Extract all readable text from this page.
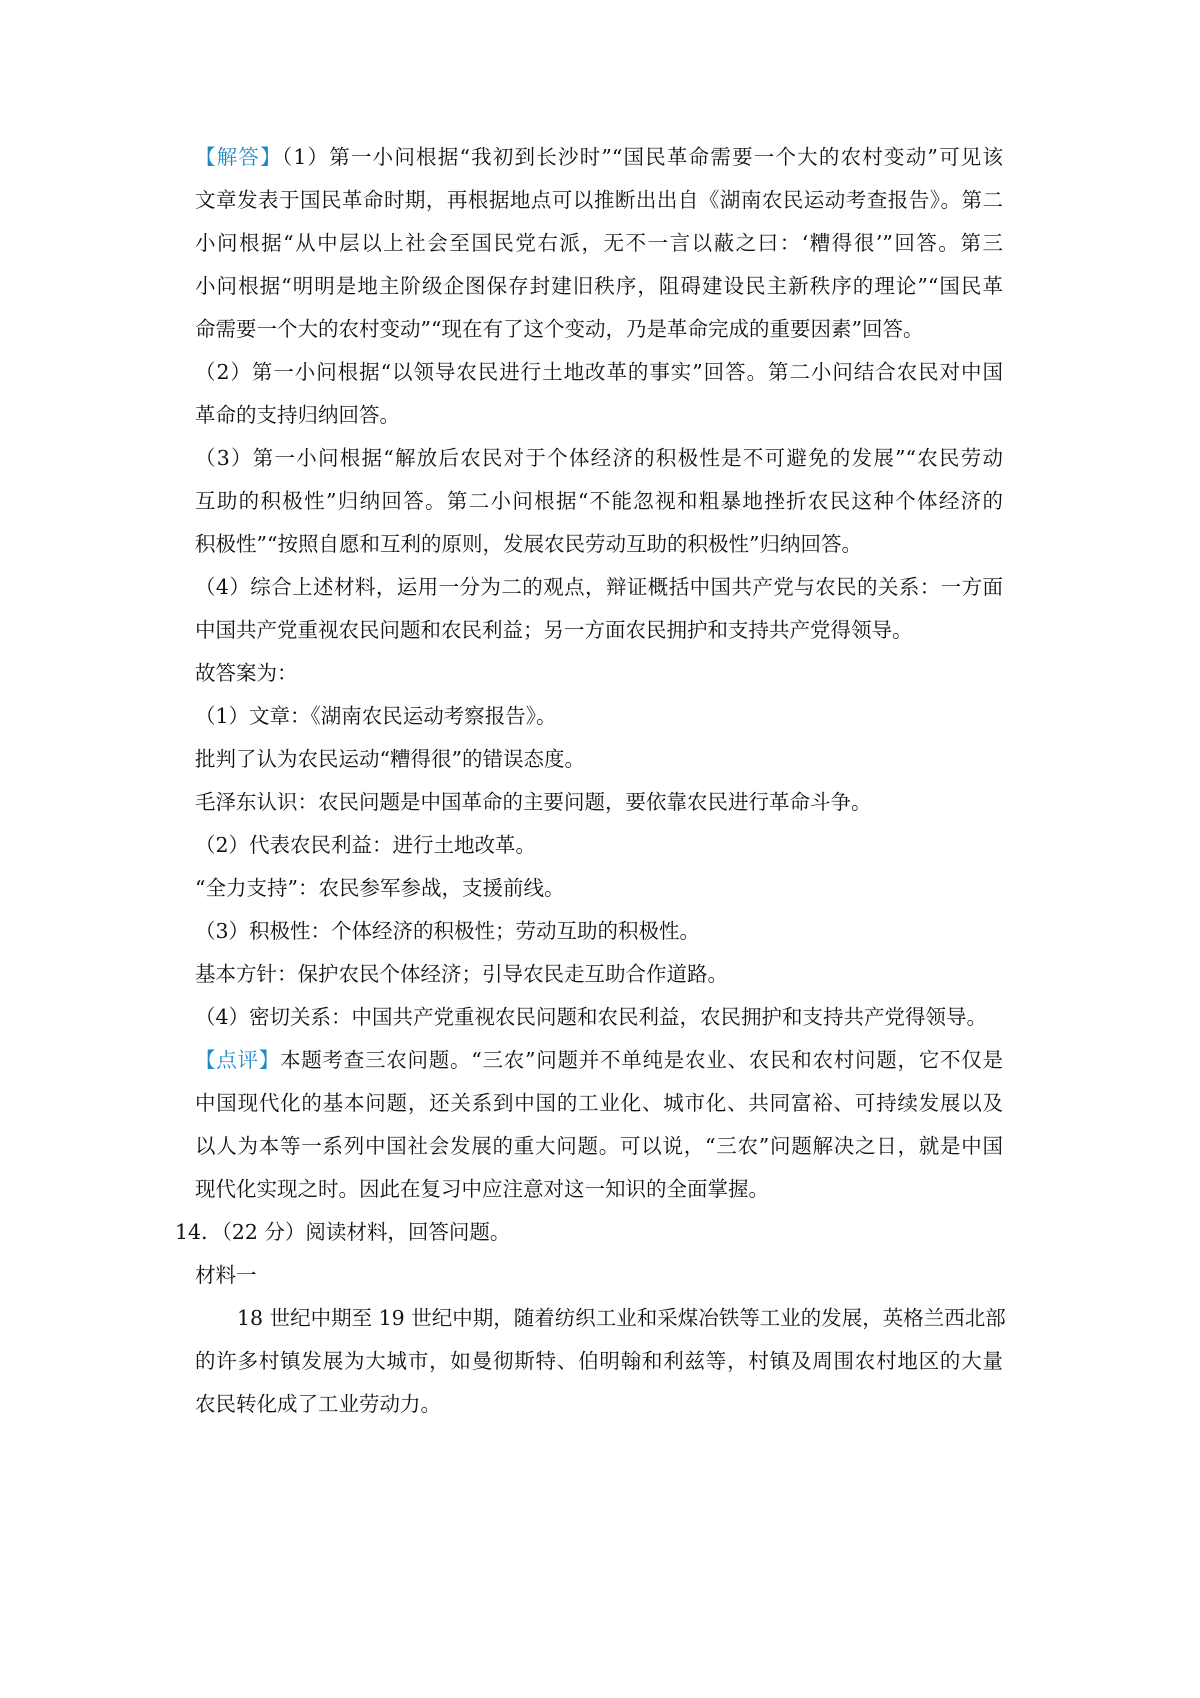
【解答】（1）第一小问根据“我初到长沙时”“国民革命需要一个大的农村变动”可见该
文章发表于国民革命时期，再根据地点可以推断出出自《湖南农民运动考查报告》。第二
小问根据“从中层以上社会至国民党右派，无不一言以蔽之曰：‘糟得很’”回答。第三
小问根据“明明是地主阶级企图保存封建旧秩序，阻碍建设民主新秩序的理论”“国民革
命需要一个大的农村变动”“现在有了这个变动，乃是革命完成的重要因素”回答。
（2）第一小问根据“以领导农民进行土地改革的事实”回答。第二小问结合农民对中国
革命的支持归纳回答。
（3）第一小问根据“解放后农民对于个体经济的积极性是不可避免的发展”“农民劳动
互助的积极性”归纳回答。第二小问根据“不能忽视和粗暴地挫折农民这种个体经济的
积极性”“按照自愿和互利的原则，发展农民劳动互助的积极性”归纳回答。
（4）综合上述材料，运用一分为二的观点，辩证概括中国共产党与农民的关系：一方面
中国共产党重视农民问题和农民利益；另一方面农民拥护和支持共产党得领导。
故答案为：
（1）文章：《湖南农民运动考察报告》。
批判了认为农民运动“糟得很”的错误态度。
毛泽东认识：农民问题是中国革命的主要问题，要依靠农民进行革命斗争。
（2）代表农民利益：进行土地改革。
“全力支持”：农民参军参战，支援前线。
（3）积极性：个体经济的积极性；劳动互助的积极性。
基本方针：保护农民个体经济；引导农民走互助合作道路。
（4）密切关系：中国共产党重视农民问题和农民利益，农民拥护和支持共产党得领导。
【点评】本题考查三农问题。“三农”问题并不单纯是农业、农民和农村问题，它不仅是
中国现代化的基本问题，还关系到中国的工业化、城市化、共同富裕、可持续发展以及
以人为本等一系列中国社会发展的重大问题。可以说，“三农”问题解决之日，就是中国
现代化实现之时。因此在复习中应注意对这一知识的全面掌握。
14．（22 分）阅读材料，回答问题。
材料一
18 世纪中期至 19 世纪中期，随着纺织工业和采煤冶铁等工业的发展，英格兰西北部
的许多村镇发展为大城市，如曼彻斯特、伯明翰和利兹等，村镇及周围农村地区的大量
农民转化成了工业劳动力。
